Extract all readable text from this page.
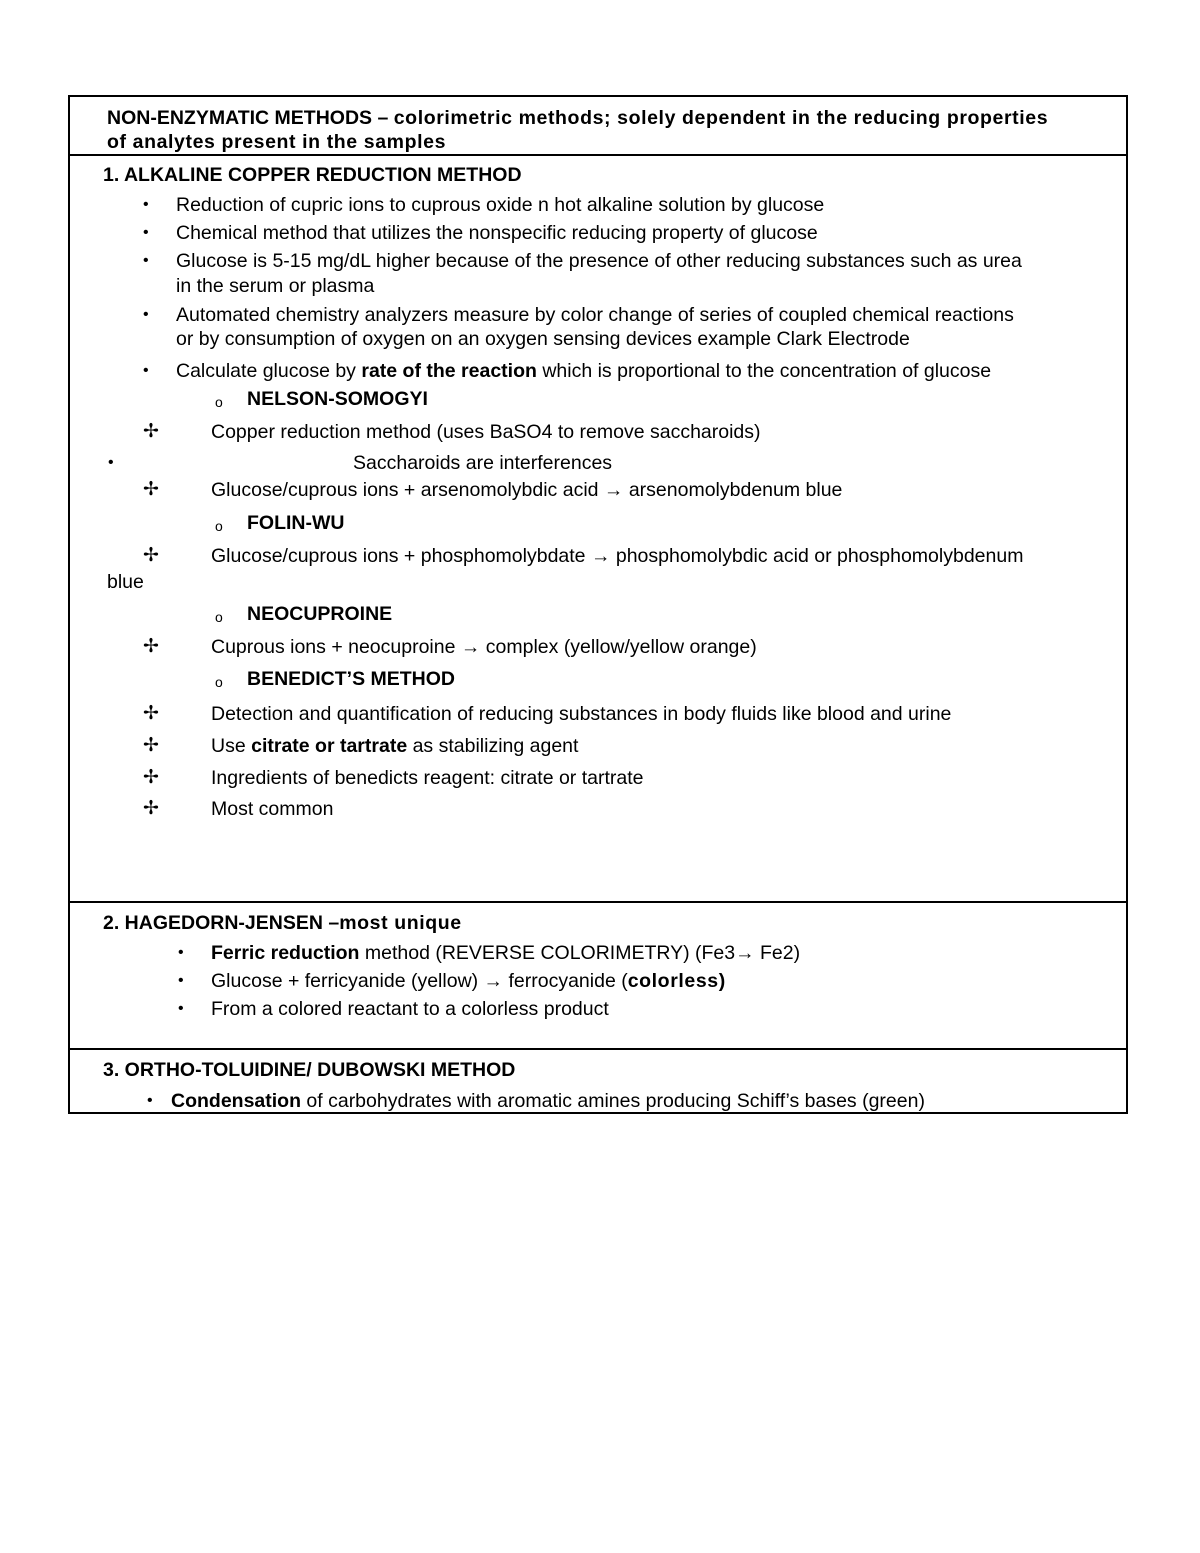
NON-ENZYMATIC METHODS – colorimetric methods; solely dependent in the reducing properties
of analytes present in the samples
1. ALKALINE COPPER REDUCTION METHOD
• Reduction of cupric ions to cuprous oxide n hot alkaline solution by glucose
• Chemical method that utilizes the nonspecific reducing property of glucose
• Glucose is 5-15 mg/dL higher because of the presence of other reducing substances such as urea
in the serum or plasma
• Automated chemistry analyzers measure by color change of series of coupled chemical reactions
or by consumption of oxygen on an oxygen sensing devices example Clark Electrode
• Calculate glucose by rate of the reaction which is proportional to the concentration of glucose
o NELSON-SOMOGYI
✢	Copper reduction method (uses BaSO4 to remove saccharoids)
•	Saccharoids are interferences
✢	Glucose/cuprous ions + arsenomolybdic acid → arsenomolybdenum blue
o FOLIN-WU
✢	Glucose/cuprous ions + phosphomolybdate → phosphomolybdic acid or phosphomolybdenum
blue
o NEOCUPROINE
✢	Cuprous ions + neocuproine → complex (yellow/yellow orange)
o BENEDICT’S METHOD
✢	Detection and quantification of reducing substances in body fluids like blood and urine
✢	Use citrate or tartrate as stabilizing agent
✢	Ingredients of benedicts reagent: citrate or tartrate
✢	Most common
2. HAGEDORN-JENSEN –most unique
• Ferric reduction method (REVERSE COLORIMETRY) (Fe3→ Fe2)
• Glucose + ferricyanide (yellow) → ferrocyanide (colorless)
• From a colored reactant to a colorless product
3. ORTHO-TOLUIDINE/ DUBOWSKI METHOD
• Condensation of carbohydrates with aromatic amines producing Schiff’s bases (green)
